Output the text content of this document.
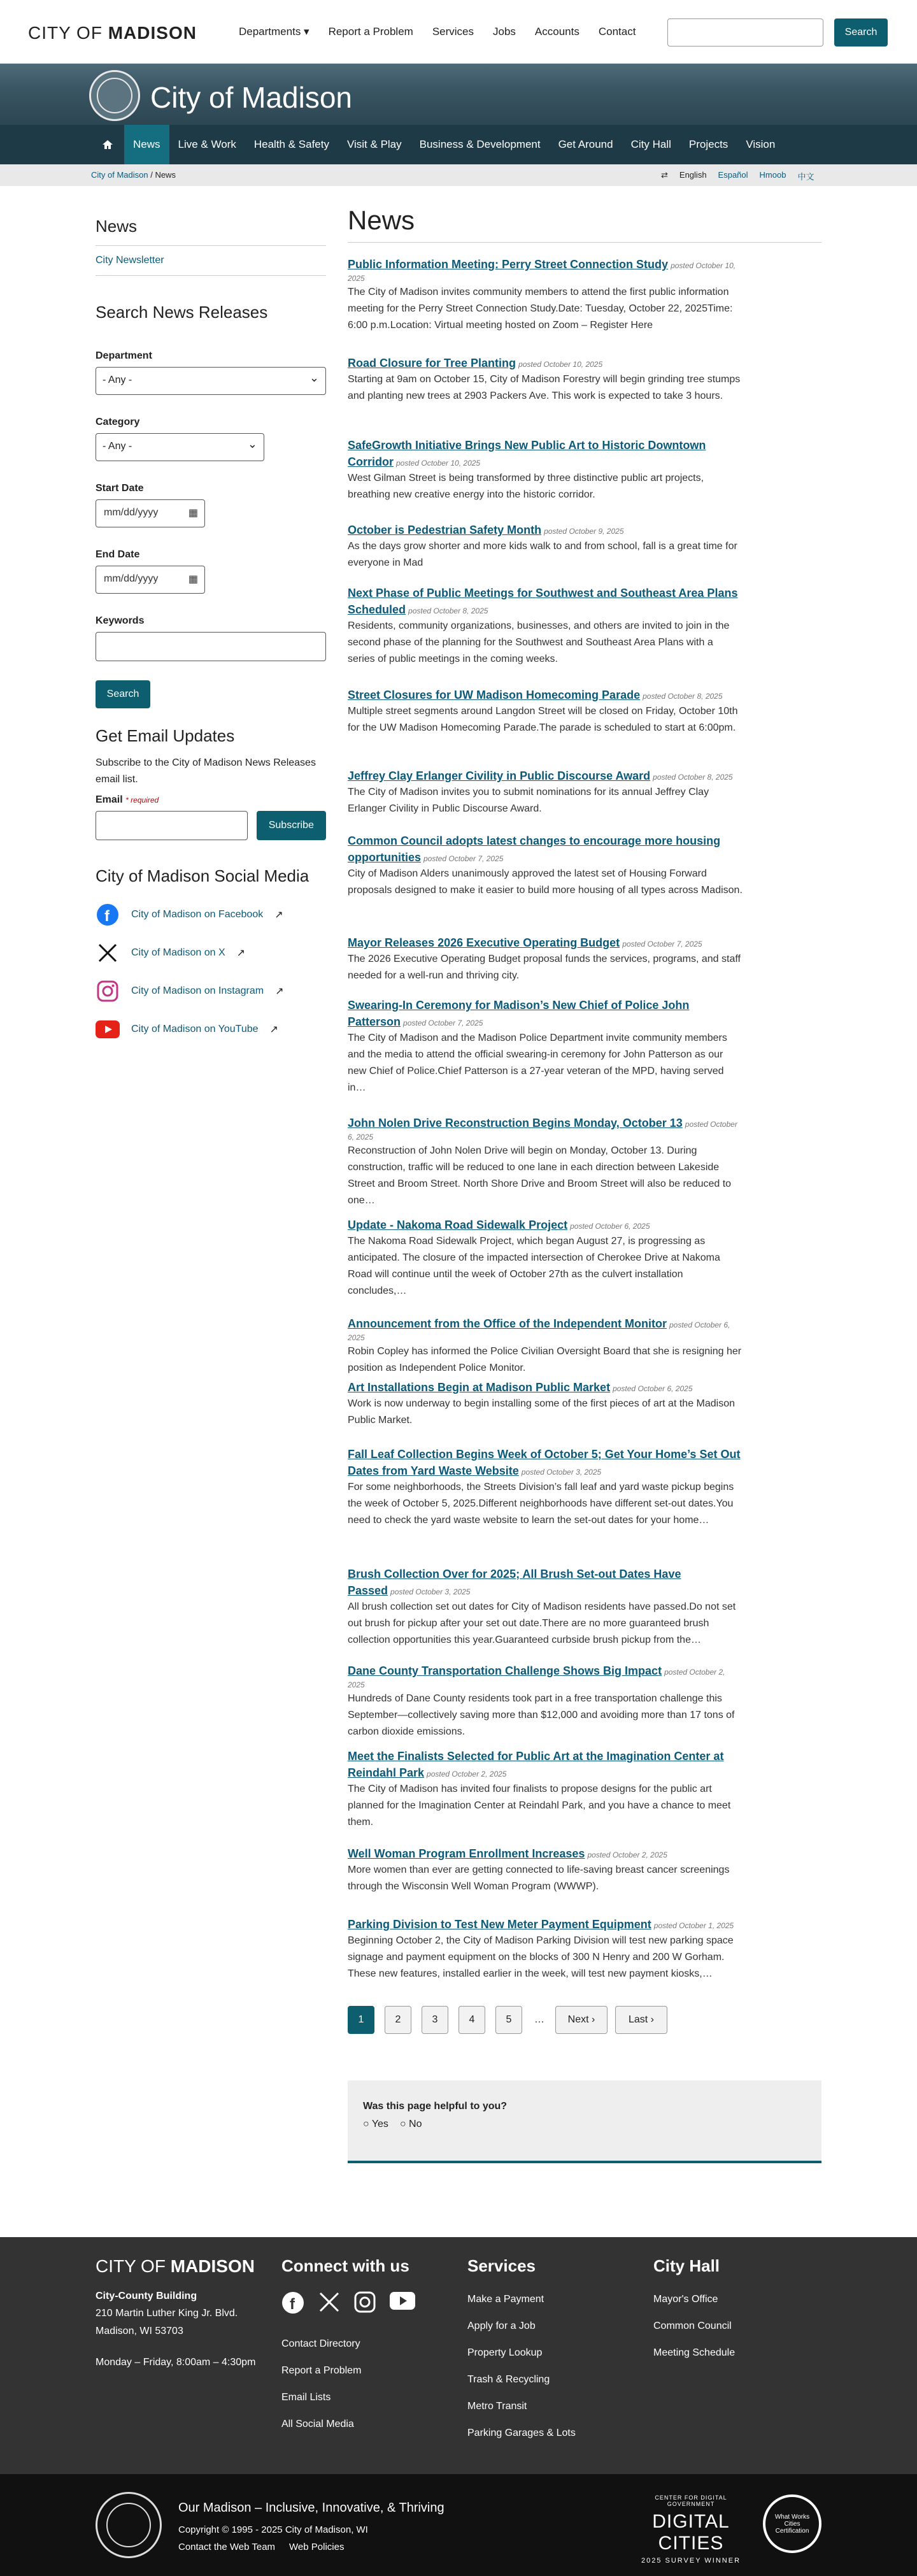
CITY OF MADISON	Departments ▾ Report a Problem Services Jobs Accounts Contact	Search
City of Madison
News	Live & Work	Health & Safety	Visit & Play	Business & Development	Get Around	City Hall	Projects	Vision
City of Madison / News	⇄ English Español Hmoob 中文
News
City Newsletter
Search News Releases
Department
- Any - ⌄
Category
- Any - ⌄
Start Date
mm/dd/yyyy ▦
End Date
mm/dd/yyyy ▦
Keywords
Search
Get Email Updates

Subscribe to the City of Madison News Releases email list.

Email * required
Subscribe
City of Madison Social Media
f City of Madison on Facebook ↗
City of Madison on X ↗
City of Madison on Instagram ↗
City of Madison on YouTube ↗
News
Public Information Meeting: Perry Street Connection Study posted October 10, 2025
The City of Madison invites community members to attend the first public information meeting for the Perry Street Connection Study.Date: Tuesday, October 22, 2025Time: 6:00 p.m.Location: Virtual meeting hosted on Zoom – Register Here
Road Closure for Tree Planting posted October 10, 2025
Starting at 9am on October 15, City of Madison Forestry will begin grinding tree stumps and planting new trees at 2903 Packers Ave. This work is expected to take 3 hours.
SafeGrowth Initiative Brings New Public Art to Historic Downtown Corridor posted October 10, 2025
West Gilman Street is being transformed by three distinctive public art projects, breathing new creative energy into the historic corridor.
October is Pedestrian Safety Month posted October 9, 2025
As the days grow shorter and more kids walk to and from school, fall is a great time for everyone in Mad
Next Phase of Public Meetings for Southwest and Southeast Area Plans Scheduled posted October 8, 2025
Residents, community organizations, businesses, and others are invited to join in the second phase of the planning for the Southwest and Southeast Area Plans with a series of public meetings in the coming weeks.
Street Closures for UW Madison Homecoming Parade posted October 8, 2025
Multiple street segments around Langdon Street will be closed on Friday, October 10th for the UW Madison Homecoming Parade.The parade is scheduled to start at 6:00pm.
Jeffrey Clay Erlanger Civility in Public Discourse Award posted October 8, 2025
The City of Madison invites you to submit nominations for its annual Jeffrey Clay Erlanger Civility in Public Discourse Award.
Common Council adopts latest changes to encourage more housing opportunities posted October 7, 2025
City of Madison Alders unanimously approved the latest set of Housing Forward proposals designed to make it easier to build more housing of all types across Madison.
Mayor Releases 2026 Executive Operating Budget posted October 7, 2025
The 2026 Executive Operating Budget proposal funds the services, programs, and staff needed for a well-run and thriving city.
Swearing-In Ceremony for Madison’s New Chief of Police John Patterson posted October 7, 2025
The City of Madison and the Madison Police Department invite community members and the media to attend the official swearing-in ceremony for John Patterson as our new Chief of Police.Chief Patterson is a 27-year veteran of the MPD, having served in…
John Nolen Drive Reconstruction Begins Monday, October 13 posted October 6, 2025
Reconstruction of John Nolen Drive will begin on Monday, October 13. During construction, traffic will be reduced to one lane in each direction between Lakeside Street and Broom Street. North Shore Drive and Broom Street will also be reduced to one…
Update - Nakoma Road Sidewalk Project posted October 6, 2025
The Nakoma Road Sidewalk Project, which began August 27, is progressing as anticipated. The closure of the impacted intersection of Cherokee Drive at Nakoma Road will continue until the week of October 27th as the culvert installation concludes,…
Announcement from the Office of the Independent Monitor posted October 6, 2025
Robin Copley has informed the Police Civilian Oversight Board that she is resigning her position as Independent Police Monitor.
Art Installations Begin at Madison Public Market posted October 6, 2025
Work is now underway to begin installing some of the first pieces of art at the Madison Public Market.
Fall Leaf Collection Begins Week of October 5; Get Your Home’s Set Out Dates from Yard Waste Website posted October 3, 2025
For some neighborhoods, the Streets Division’s fall leaf and yard waste pickup begins the week of October 5, 2025.Different neighborhoods have different set-out dates.You need to check the yard waste website to learn the set-out dates for your home…
Brush Collection Over for 2025; All Brush Set-out Dates Have Passed posted October 3, 2025
All brush collection set out dates for City of Madison residents have passed.Do not set out brush for pickup after your set out date.There are no more guaranteed brush collection opportunities this year.Guaranteed curbside brush pickup from the…
Dane County Transportation Challenge Shows Big Impact posted October 2, 2025
Hundreds of Dane County residents took part in a free transportation challenge this September—collectively saving more than $12,000 and avoiding more than 17 tons of carbon dioxide emissions.
Meet the Finalists Selected for Public Art at the Imagination Center at Reindahl Park posted October 2, 2025
The City of Madison has invited four finalists to propose designs for the public art planned for the Imagination Center at Reindahl Park, and you have a chance to meet them.
Well Woman Program Enrollment Increases posted October 2, 2025
More women than ever are getting connected to life-saving breast cancer screenings through the Wisconsin Well Woman Program (WWWP).
Parking Division to Test New Meter Payment Equipment posted October 1, 2025
Beginning October 2, the City of Madison Parking Division will test new parking space signage and payment equipment on the blocks of 300 N Henry and 200 W Gorham. These new features, installed earlier in the week, will test new payment kiosks,…
1	2	3	4	5	…	Next ›	Last ›
Was this page helpful to you?
○ Yes ○ No
CITY OF MADISON
City-County Building
210 Martin Luther King Jr. Blvd.
Madison, WI 53703
Monday – Friday, 8:00am – 4:30pm
Connect with us
f
Contact Directory
Report a Problem
Email Lists
All Social Media
Services
Make a Payment
Apply for a Job
Property Lookup
Trash & Recycling
Metro Transit
Parking Garages & Lots
City Hall
Mayor's Office
Common Council
Meeting Schedule
Our Madison – Inclusive, Innovative, & Thriving
Copyright © 1995 - 2025 City of Madison, WI
Contact the Web Team Web Policies
CENTER FOR DIGITAL GOVERNMENT
DIGITAL CITIES
2025 SURVEY WINNER
What Works Cities Certification
